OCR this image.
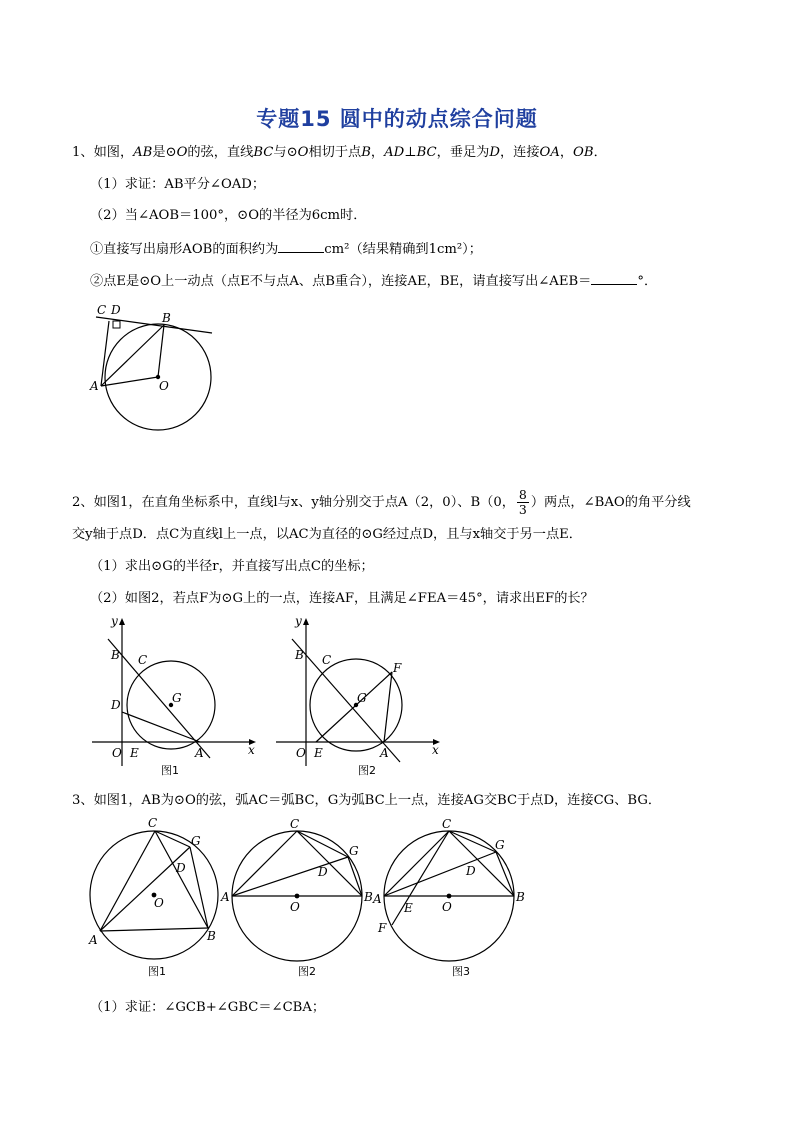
专题15 圆中的动点综合问题
1、如图，AB是⊙O的弦，直线BC与⊙O相切于点B，AD⊥BC，垂足为D，连接OA，OB．
（1）求证：AB平分∠OAD；
（2）当∠AOB＝100°，⊙O的半径为6cm时．
①直接写出扇形AOB的面积约为	cm²（结果精确到1cm²）；
②点E是⊙O上一动点（点E不与点A、点B重合），连接AE，BE，请直接写出∠AEB＝	°．
C D
B
A	O
2、如图1，在直角坐标系中，直线l与x、y轴分别交于点A（2，0）、B（0， $\frac{8}{3}$ ）两点，∠BAO的角平分线
交y轴于点D．点C为直线l上一点，以AC为直径的⊙G经过点D，且与x轴交于另一点E．
（1）求出⊙G的半径r，并直接写出点C的坐标；
（2）如图2，若点F为⊙G上的一点，连接AF，且满足∠FEA＝45°，请求出EF的长？
y
x
B C
D	G
O E	A
图1
y
x
B C
F
G
O E	A
图2
3、如图1，AB为⊙O的弦，弧AC＝弧BC，G为弧BC上一点，连接AG交BC于点D，连接CG、BG．
C
G
D
O
A	B
图1
C
G
D
O
A	B
图2
C
G
D
O
A
E
F
B
图3
（1）求证：∠GCB+∠GBC＝∠CBA；
